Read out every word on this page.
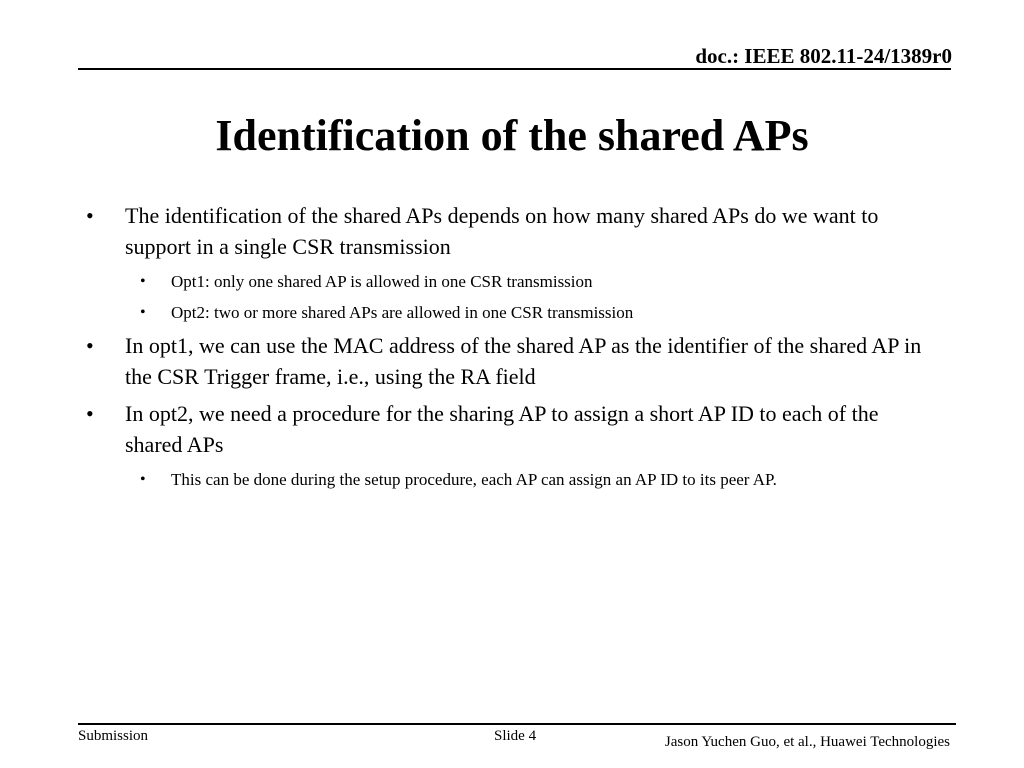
doc.: IEEE 802.11-24/1389r0
Identification of the shared APs
• The identification of the shared APs depends on how many shared APs do we want to support in a single CSR transmission
• Opt1: only one shared AP is allowed in one CSR transmission
• Opt2: two or more shared APs are allowed in one CSR transmission
• In opt1, we can use the MAC address of the shared AP as the identifier of the shared AP in the CSR Trigger frame, i.e., using the RA field
• In opt2, we need a procedure for the sharing AP to assign a short AP ID to each of the shared APs
• This can be done during the setup procedure, each AP can assign an AP ID to its peer AP.
Submission	Slide 4	Jason Yuchen Guo, et al., Huawei Technologies
